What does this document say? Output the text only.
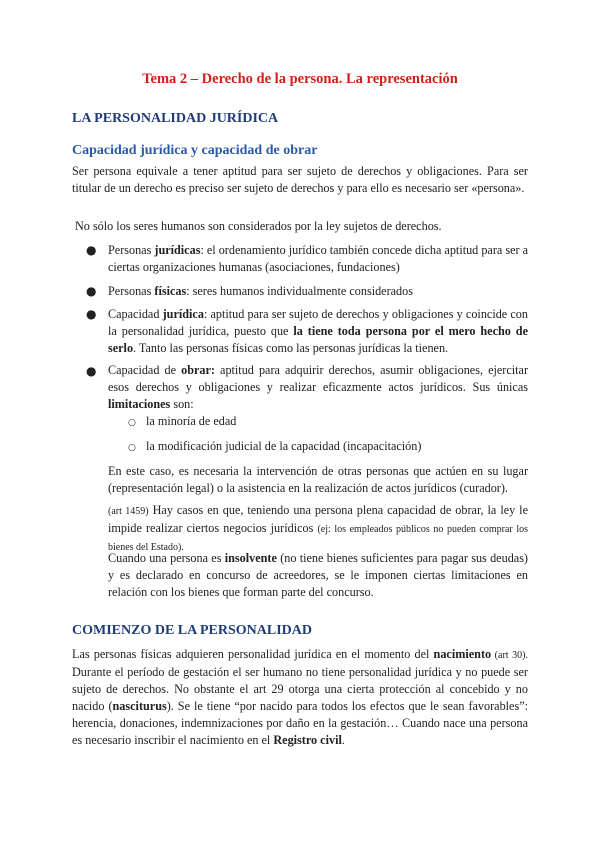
Tema 2 – Derecho de la persona. La representación
LA PERSONALIDAD JURÍDICA
Capacidad jurídica y capacidad de obrar
Ser persona equivale a tener aptitud para ser sujeto de derechos y obligaciones. Para ser titular de un derecho es preciso ser sujeto de derechos y para ello es necesario ser «persona».
No sólo los seres humanos son considerados por la ley sujetos de derechos.
● Personas jurídicas: el ordenamiento jurídico también concede dicha aptitud para ser a ciertas organizaciones humanas (asociaciones, fundaciones)
● Personas físicas: seres humanos individualmente considerados
● Capacidad jurídica: aptitud para ser sujeto de derechos y obligaciones y coincide con la personalidad jurídica, puesto que la tiene toda persona por el mero hecho de serlo. Tanto las personas físicas como las personas jurídicas la tienen.
● Capacidad de obrar: aptitud para adquirir derechos, asumir obligaciones, ejercitar esos derechos y obligaciones y realizar eficazmente actos jurídicos. Sus únicas limitaciones son:
○ la minoría de edad
○ la modificación judicial de la capacidad (incapacitación)
En este caso, es necesaria la intervención de otras personas que actúen en su lugar (representación legal) o la asistencia en la realización de actos jurídicos (curador).
(art 1459) Hay casos en que, teniendo una persona plena capacidad de obrar, la ley le impide realizar ciertos negocios jurídicos (ej: los empleados públicos no pueden comprar los bienes del Estado).
Cuando una persona es insolvente (no tiene bienes suficientes para pagar sus deudas) y es declarado en concurso de acreedores, se le imponen ciertas limitaciones en relación con los bienes que forman parte del concurso.
COMIENZO DE LA PERSONALIDAD
Las personas físicas adquieren personalidad jurídica en el momento del nacimiento (art 30). Durante el período de gestación el ser humano no tiene personalidad jurídica y no puede ser sujeto de derechos. No obstante el art 29 otorga una cierta protección al concebido y no nacido (nasciturus). Se le tiene “por nacido para todos los efectos que le sean favorables”: herencia, donaciones, indemnizaciones por daño en la gestación… Cuando nace una persona es necesario inscribir el nacimiento en el Registro civil.
